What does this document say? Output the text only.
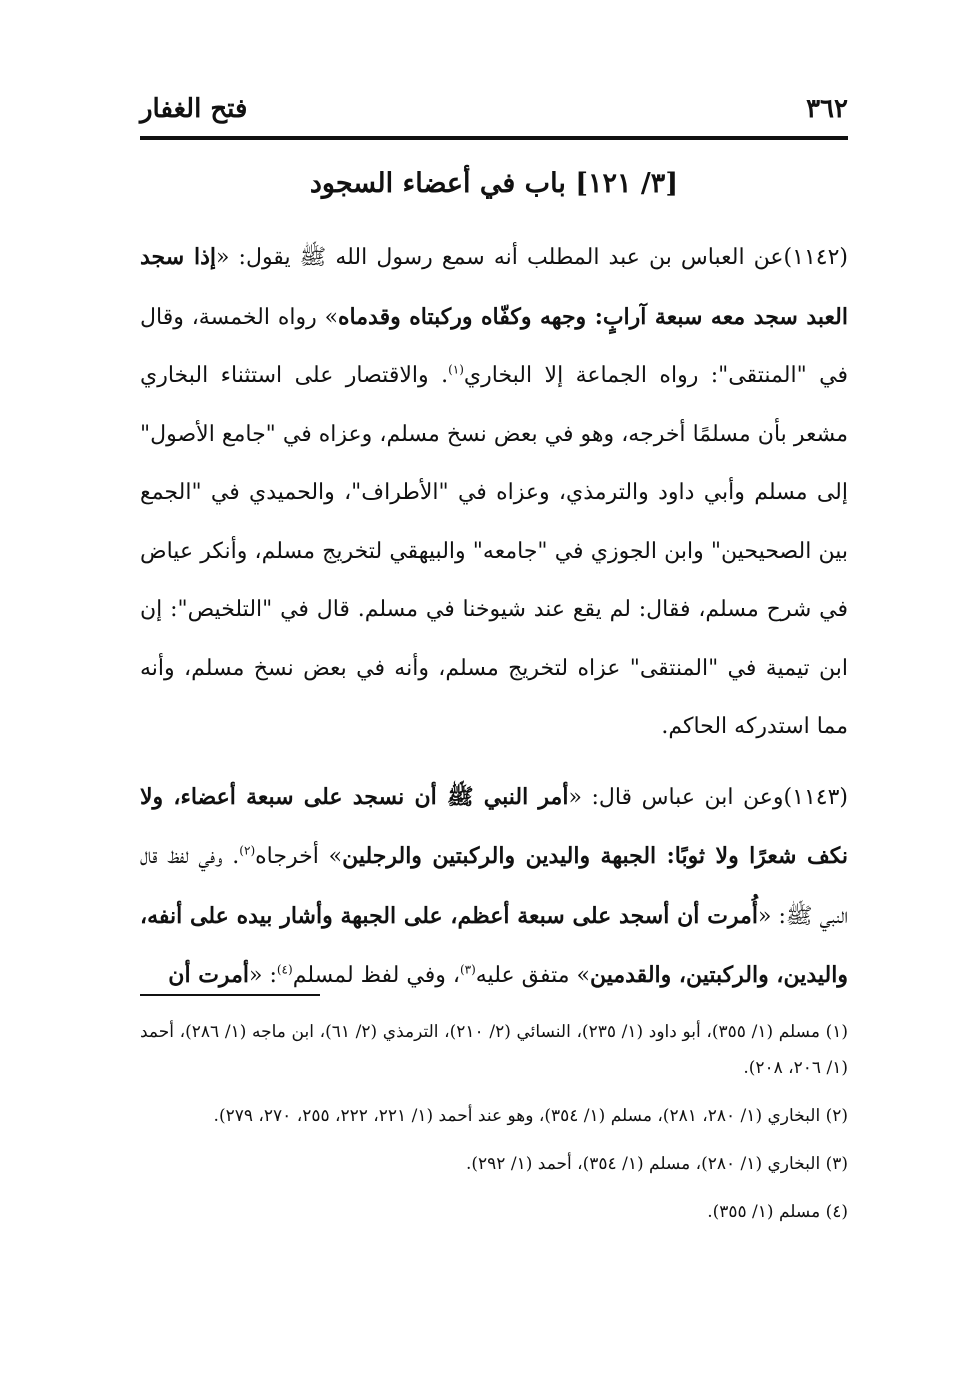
٣٦٢
فتح الغفار
[٣/ ١٢١] باب في أعضاء السجود

(١١٤٢)عن العباس بن عبد المطلب أنه سمع رسول الله ﷺ يقول: «إذا سجد العبد سجد معه سبعة آرابٍ: وجهه وكفّاه وركبتاه وقدماه» رواه الخمسة، وقال في "المنتقى": رواه الجماعة إلا البخاري$^{(١)}$. والاقتصار على استثناء البخاري مشعر بأن مسلمًا أخرجه، وهو في بعض نسخ مسلم، وعزاه في "جامع الأصول" إلى مسلم وأبي داود والترمذي، وعزاه في "الأطراف"، والحميدي في "الجمع بين الصحيحين" وابن الجوزي في "جامعه" والبيهقي لتخريج مسلم، وأنكر عياض في شرح مسلم، فقال: لم يقع عند شيوخنا في مسلم. قال في "التلخيص": إن ابن تيمية في "المنتقى" عزاه لتخريج مسلم، وأنه في بعض نسخ مسلم، وأنه مما استدركه الحاكم.

(١١٤٣)وعن ابن عباس قال: «أمر النبي ﷺ أن نسجد على سبعة أعضاء، ولا نكف شعرًا ولا ثوبًا: الجبهة واليدين والركبتين والرجلين» أخرجاه$^{(٢)}$. وفي لفظ قال النبي ﷺ: «أُمرت أن أسجد على سبعة أعظم، على الجبهة وأشار بيده على أنفه، واليدين، والركبتين، والقدمين» متفق عليه$^{(٣)}$، وفي لفظ لمسلم$^{(٤)}$: «أمرت أن

(١) مسلم (١/ ٣٥٥)، أبو داود (١/ ٢٣٥)، النسائي (٢/ ٢١٠)، الترمذي (٢/ ٦١)، ابن ماجه (١/ ٢٨٦)، أحمد (١/ ٢٠٦، ٢٠٨).

(٢) البخاري (١/ ٢٨٠، ٢٨١)، مسلم (١/ ٣٥٤)، وهو عند أحمد (١/ ٢٢١، ٢٢٢، ٢٥٥، ٢٧٠، ٢٧٩).

(٣) البخاري (١/ ٢٨٠)، مسلم (١/ ٣٥٤)، أحمد (١/ ٢٩٢).

(٤) مسلم (١/ ٣٥٥).
